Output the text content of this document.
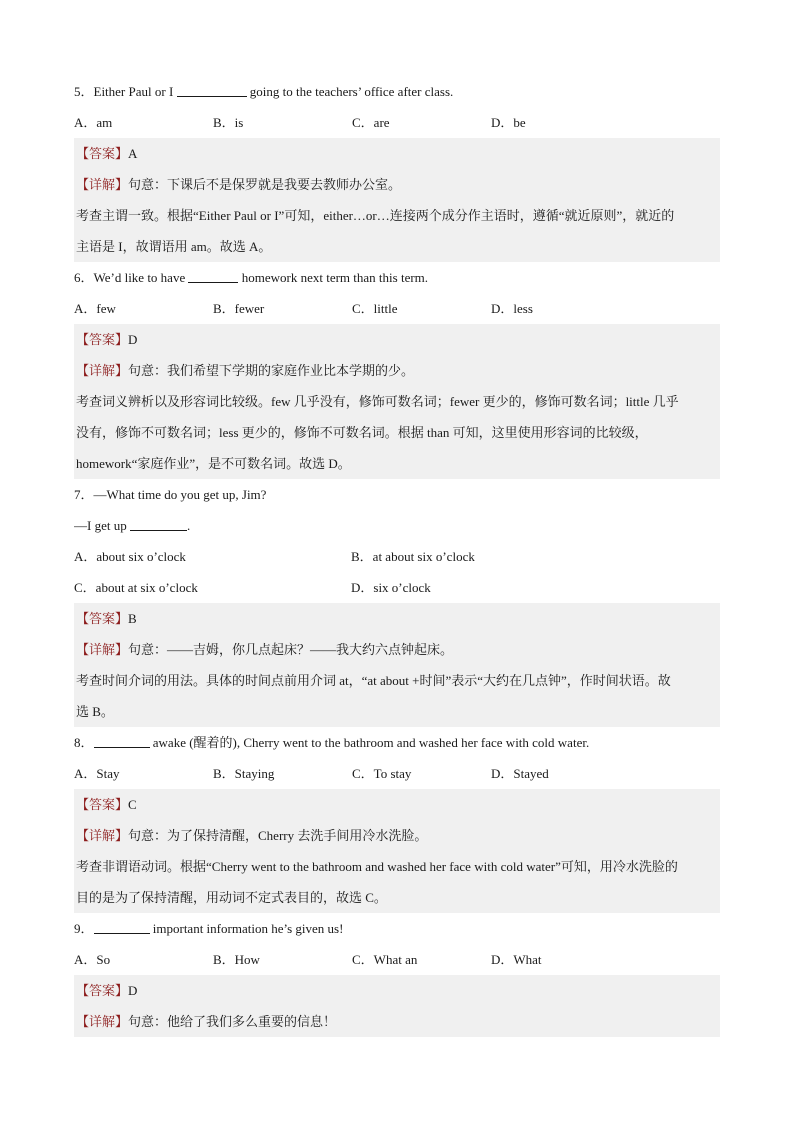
5．Either Paul or I	going to the teachers’ office after class.
A．am	B．is	C．are	D．be
【答案】A
【详解】句意：下课后不是保罗就是我要去教师办公室。
考查主谓一致。根据“Either Paul or I”可知，either…or…连接两个成分作主语时，遵循“就近原则”，就近的
主语是 I，故谓语用 am。故选 A。
6．We’d like to have	homework next term than this term.
A．few	B．fewer	C．little	D．less
【答案】D
【详解】句意：我们希望下学期的家庭作业比本学期的少。
考查词义辨析以及形容词比较级。few 几乎没有，修饰可数名词；fewer 更少的，修饰可数名词；little 几乎
没有，修饰不可数名词；less 更少的，修饰不可数名词。根据 than 可知，这里使用形容词的比较级，
homework“家庭作业”，是不可数名词。故选 D。
7．—What time do you get up, Jim?
—I get up	.
A．about six o’clock	B．at about six o’clock
C．about at six o’clock	D．six o’clock
【答案】B
【详解】句意：——吉姆，你几点起床？——我大约六点钟起床。
考查时间介词的用法。具体的时间点前用介词 at，“at about +时间”表示“大约在几点钟”，作时间状语。故
选 B。
8．	awake (醒着的), Cherry went to the bathroom and washed her face with cold water.
A．Stay	B．Staying	C．To stay	D．Stayed
【答案】C
【详解】句意：为了保持清醒，Cherry 去洗手间用冷水洗脸。
考查非谓语动词。根据“Cherry went to the bathroom and washed her face with cold water”可知，用冷水洗脸的
目的是为了保持清醒，用动词不定式表目的，故选 C。
9．	important information he’s given us!
A．So	B．How	C．What an	D．What
【答案】D
【详解】句意：他给了我们多么重要的信息！
